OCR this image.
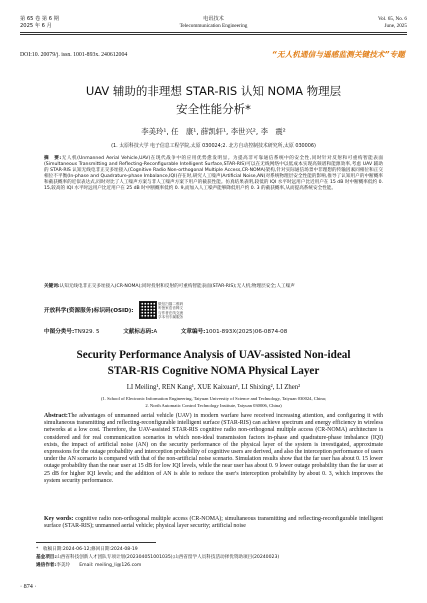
第 65 卷 第 6 期
2025 年 6 月
电讯技术
Telecommunication Engineering
Vol. 65, No. 6
June, 2025
DOI:10. 20079/j. issn. 1001-893x. 240612004	“无人机通信与遥感监测关键技术”专题
UAV 辅助的非理想 STAR-RIS 认知 NOMA 物理层
安全性能分析*
李美玲¹, 任　康¹, 薛凯轩¹, 李世兴², 李　震²
(1. 太原科技大学 电子信息工程学院,太原 030024;2. 北方自动控制技术研究所,太原 030006)
摘　要:无人机(Unmanned Aerial Vehicle,UAV)在现代战争中的应用优势愈发明显。为提高非可靠通信系统中的安全性,同时针对反射和可重构智能表面(Simultaneous Transmitting and Reflecting-Reconfigurable Intelligent Surface,STAR-RIS)可以在无线网络中以低成本实现高频谱和能源效率,考虑 UAV 辅助的 STAR-RIS 认知无线电非正交多址接入(Cognitive Radio Non-orthogonal Multiple Access,CR-NOMA)架构,针对实际通信场景中非理想的传输因素同相位和正交相位不平衡(In-phase and Quadrature-phase Imbalance,IQI)存在时,研究人工噪声(Artificial Noise,AN)对系统物理层安全性能的影响,推导了认知用户的中断概率和截获概率的近似表达式,同时对比了人工噪声方案与非人工噪声方案下用户的截获性能。仿真结果表明,较低的 IQI 水平时远用户比近用户在 15 dB 时中断概率低约 0. 15,较高的 IQI 水平时远用户比近用户在 25 dB 时中断概率低约 0. 9,而加入人工噪声能够降低用户约 0. 3 的截获概率,从而提高系统安全性能。
关键词:认知无线电非正交多址接入(CR-NOMA);同时投射和反射的可重构智能表面(STAR-RIS);无人机;物理层安全;人工噪声
开放科学(资源服务)标识码(OSID):
微信扫描二维码
听独家语音释文
与作者在线交流
享本刊专属服务
中图分类号:TN929. 5	文献标志码:A	文章编号:1001-893X(2025)06-0874-08
Security Performance Analysis of UAV-assisted Non-ideal
STAR-RIS Cognitive NOMA Physical Layer
LI Meiling¹, REN Kang¹, XUE Kaixuan¹, LI Shixing², LI Zhen²
(1. School of Electronic Information Engineering, Taiyuan University of Science and Technology, Taiyuan 030024, China;
2. North Automatic Control Technology Institute, Taiyuan 030006, China)
Abstract:The advantages of unmanned aerial vehicle (UAV) in modern warfare have received increasing attention, and configuring it with simultaneous transmitting and reflecting-reconfigurable intelligent surface (STAR-RIS) can achieve spectrum and energy efficiency in wireless networks at a low cost. Therefore, the UAV-assisted STAR-RIS cognitive radio non-orthogonal multiple access (CR-NOMA) architecture is considered and for real communication scenarios in which non-ideal transmission factors in-phase and quadrature-phase imbalance (IQI) exists, the impact of artificial noise (AN) on the security performance of the physical layer of the system is investigated, approximate expressions for the outage probability and interception probability of cognitive users are derived, and also the interception performance of users under the AN scenario is compared with that of the non-artificial noise scenario. Simulation results show that the far user has about 0. 15 lower outage probability than the near user at 15 dB for low IQI levels, while the near user has about 0. 9 lower outage probability than the far user at 25 dB for higher IQI levels; and the addition of AN is able to reduce the user's interception probability by about 0. 3, which improves the system security performance.
Key words: cognitive radio non-orthogonal multiple access (CR-NOMA); simultaneous transmitting and reflecting-reconfigurable intelligent surface (STAR-RIS); unmanned aerial vehicle; physical layer security; artificial noise
*　收稿日期:2024-06-12;修回日期:2024-08-19
基金项目:山西省科技创新人才团队专项计划(202304051001035);山西省留学人员科技活动择优资助项目(20240023)
通信作者:李美玲　　Email: meiling_li@126.com
· 874 ·
